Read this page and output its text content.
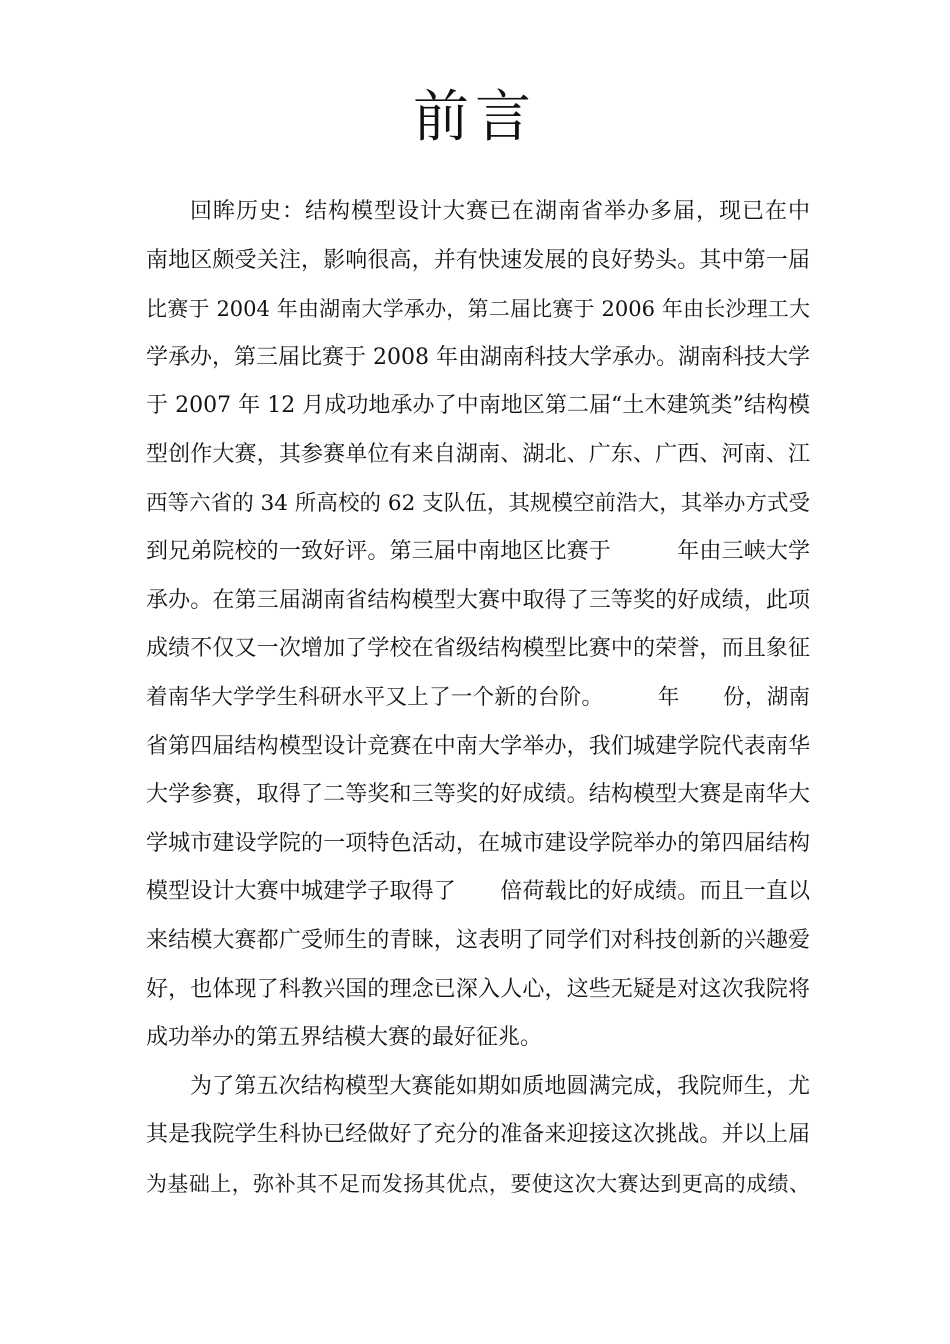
前言
回眸历史：结构模型设计大赛已在湖南省举办多届，现已在中
南地区颇受关注，影响很高，并有快速发展的良好势头。其中第一届
比赛于 2004 年由湖南大学承办，第二届比赛于 2006 年由长沙理工大
学承办，第三届比赛于 2008 年由湖南科技大学承办。湖南科技大学
于 2007 年 12 月成功地承办了中南地区第二届“土木建筑类”结构模
型创作大赛，其参赛单位有来自湖南、湖北、广东、广西、河南、江
西等六省的 34 所高校的 62 支队伍，其规模空前浩大，其举办方式受
到兄弟院校的一致好评。第三届中南地区比赛于　　　年由三峡大学
承办。在第三届湖南省结构模型大赛中取得了三等奖的好成绩，此项
成绩不仅又一次增加了学校在省级结构模型比赛中的荣誉，而且象征
着南华大学学生科研水平又上了一个新的台阶。　　　年　　份，湖南
省第四届结构模型设计竞赛在中南大学举办，我们城建学院代表南华
大学参赛，取得了二等奖和三等奖的好成绩。结构模型大赛是南华大
学城市建设学院的一项特色活动，在城市建设学院举办的第四届结构
模型设计大赛中城建学子取得了　　倍荷载比的好成绩。而且一直以
来结模大赛都广受师生的青睐，这表明了同学们对科技创新的兴趣爱
好，也体现了科教兴国的理念已深入人心，这些无疑是对这次我院将
成功举办的第五界结模大赛的最好征兆。
为了第五次结构模型大赛能如期如质地圆满完成，我院师生，尤
其是我院学生科协已经做好了充分的准备来迎接这次挑战。并以上届
为基础上，弥补其不足而发扬其优点，要使这次大赛达到更高的成绩、
